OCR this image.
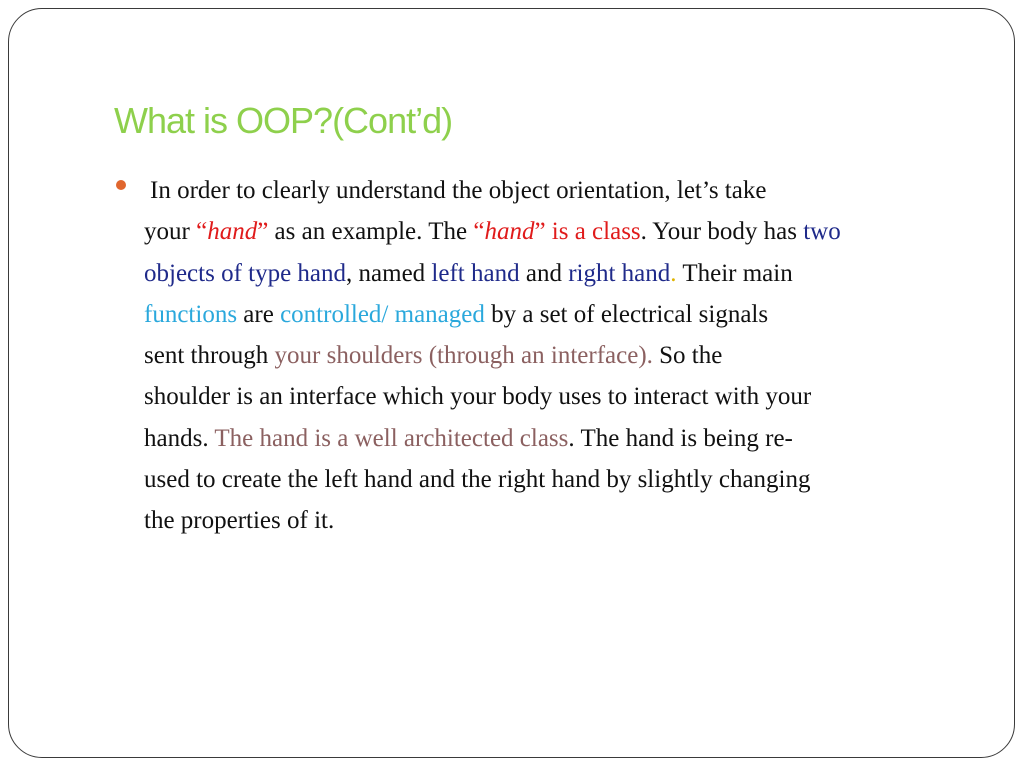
What is OOP?(Cont’d)

In order to clearly understand the object orientation, let’s take
your “hand” as an example. The “hand” is a class. Your body has two
objects of type hand, named left hand and right hand. Their main
functions are controlled/ managed by a set of electrical signals
sent through your shoulders (through an interface). So the
shoulder is an interface which your body uses to interact with your
hands. The hand is a well architected class. The hand is being re-
used to create the left hand and the right hand by slightly changing
the properties of it.
